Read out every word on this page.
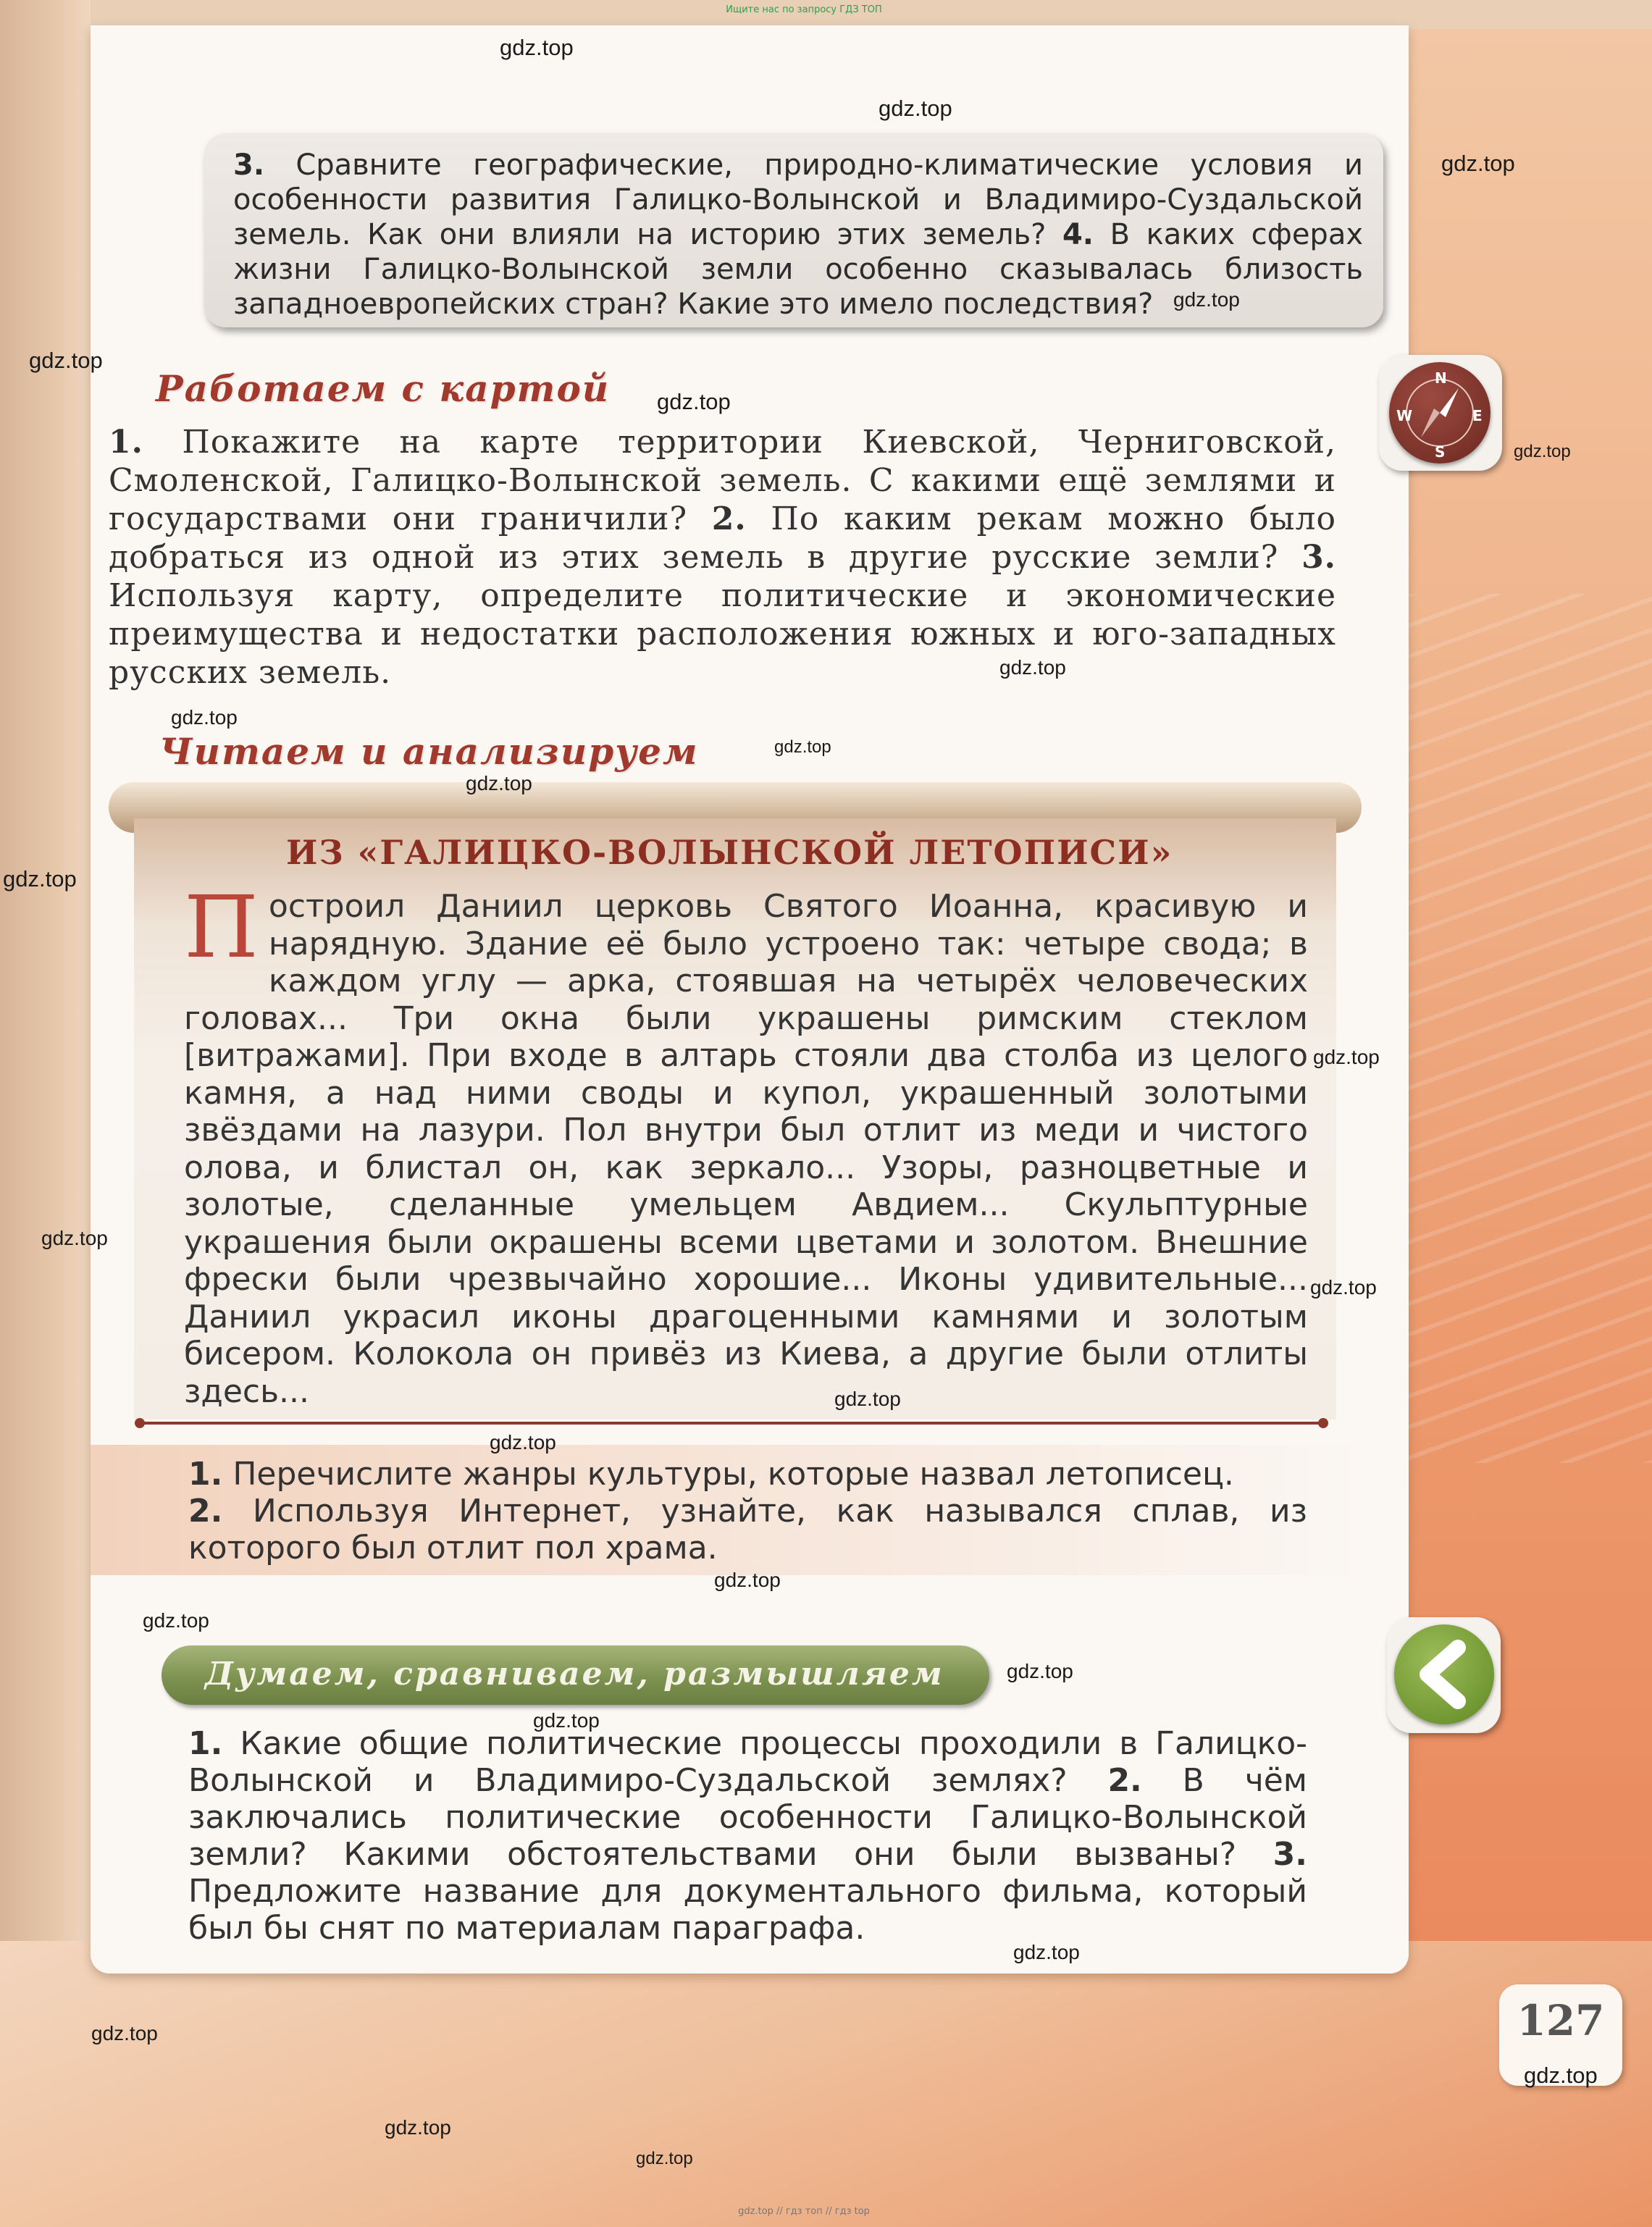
Ищите нас по запросу ГДЗ ТОП
3. Сравните географические, природно-климатические условия и особенности развития Галицко-Волынской и Владимиро-Суздальской земель. Как они влияли на историю этих земель? 4. В каких сферах жизни Галицко-Волынской земли особенно сказывалась близость западноевропейских стран? Какие это имело последствия?
Работаем с картой
1. Покажите на карте территории Киевской, Черниговской, Смоленской, Галицко-Волынской земель. С какими ещё землями и государствами они граничили? 2. По каким рекам можно было добраться из одной из этих земель в другие русские земли? 3. Используя карту, определите политические и экономические преимущества и недостатки расположения южных и юго-западных русских земель.
N
E
S
W
Читаем и анализируем
ИЗ «ГАЛИЦКО-ВОЛЫНСКОЙ ЛЕТОПИСИ»
П остроил Даниил церковь Святого Иоанна, красивую и нарядную. Здание её было устроено так: четыре свода; в каждом углу — арка, стоявшая на четырёх человеческих головах... Три окна были украшены римским стеклом [витражами]. При входе в алтарь стояли два столба из целого камня, а над ними своды и купол, украшенный золотыми звёздами на лазури. Пол внутри был отлит из меди и чистого олова, и блистал он, как зеркало... Узоры, разноцветные и золотые, сделанные умельцем Авдием... Скульптурные украшения были окрашены всеми цветами и золотом. Внешние фрески были чрезвычайно хорошие... Иконы удивительные... Даниил украсил иконы драгоценными камнями и золотым бисером. Колокола он привёз из Киева, а другие были отлиты здесь...
1. Перечислите жанры культуры, которые назвал летописец.
2. Используя Интернет, узнайте, как назывался сплав, из которого был отлит пол храма.
Думаем, сравниваем, размышляем
1. Какие общие политические процессы проходили в Галицко-Волынской и Владимиро-Суздальской землях? 2. В чём заключались политические особенности Галицко-Волынской земли? Какими обстоятельствами они были вызваны? 3. Предложите название для документального фильма, который был бы снят по материалам параграфа.
127
gdz.top
gdz.top
gdz.top
gdz.top
gdz.top
gdz.top
gdz.top
gdz.top
gdz.top
gdz.top
gdz.top
gdz.top
gdz.top
gdz.top
gdz.top
gdz.top
gdz.top
gdz.top
gdz.top
gdz.top
gdz.top
gdz.top
gdz.top
gdz.top
gdz.top
gdz.top
gdz.top // гдз топ // гдз top
